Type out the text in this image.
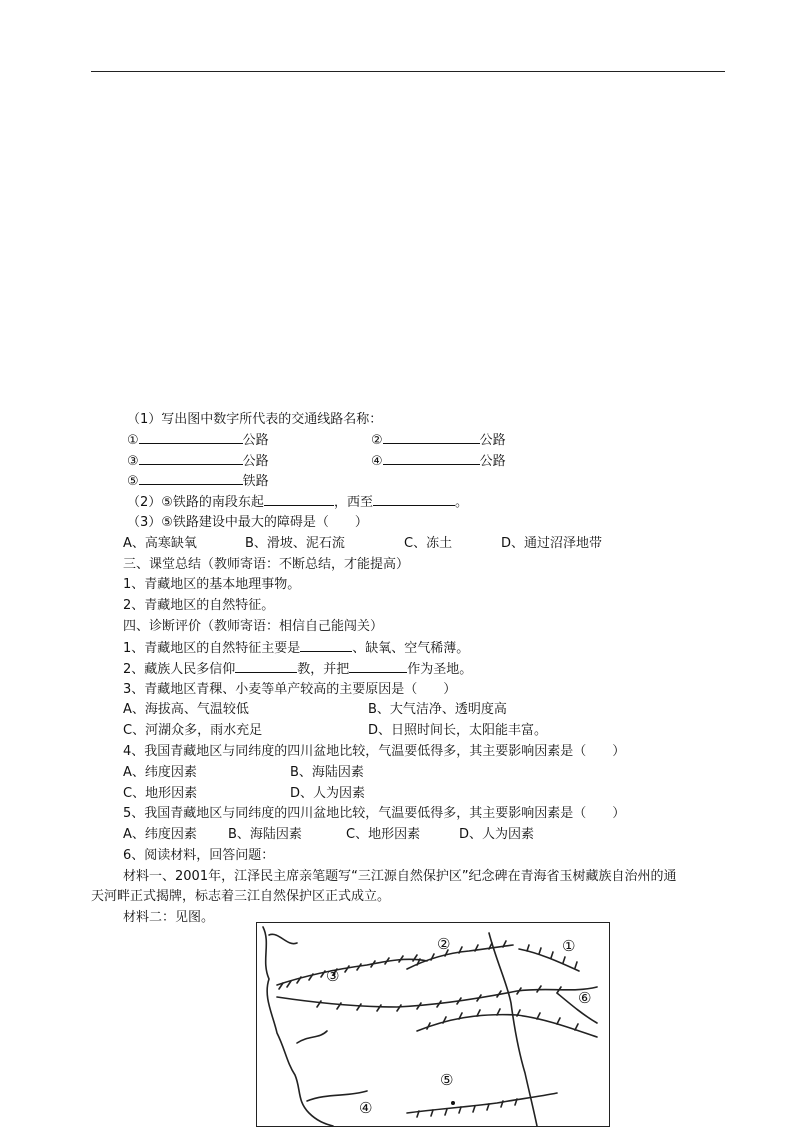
（1）写出图中数字所代表的交通线路名称：
①	公路	②	公路
③	公路	④	公路
⑤	铁路
（2）⑤铁路的南段东起	，西至	。
（3）⑤铁路建设中最大的障碍是（　　）
A、高寒缺氧	B、滑坡、泥石流	C、冻土	D、通过沼泽地带
三、课堂总结（教师寄语：不断总结，才能提高）
1、青藏地区的基本地理事物。
2、青藏地区的自然特征。
四、诊断评价（教师寄语：相信自己能闯关）
1、青藏地区的自然特征主要是	、缺氧、空气稀薄。
2、藏族人民多信仰	教，并把	作为圣地。
3、青藏地区青稞、小麦等单产较高的主要原因是（　　）
A、海拔高、气温较低	B、大气洁净、透明度高
C、河湖众多，雨水充足	D、日照时间长，太阳能丰富。
4、我国青藏地区与同纬度的四川盆地比较，气温要低得多，其主要影响因素是（　　）
A、纬度因素	B、海陆因素
C、地形因素	D、人为因素
5、我国青藏地区与同纬度的四川盆地比较，气温要低得多，其主要影响因素是（　　）
A、纬度因素 B、海陆因素	C、地形因素	D、人为因素
6、阅读材料，回答问题：
材料一、2001年，江泽民主席亲笔题写“三江源自然保护区”纪念碑在青海省玉树藏族自治州的通
天河畔正式揭牌，标志着三江自然保护区正式成立。
材料二：见图。
②	①
③
⑥
⑤
④
